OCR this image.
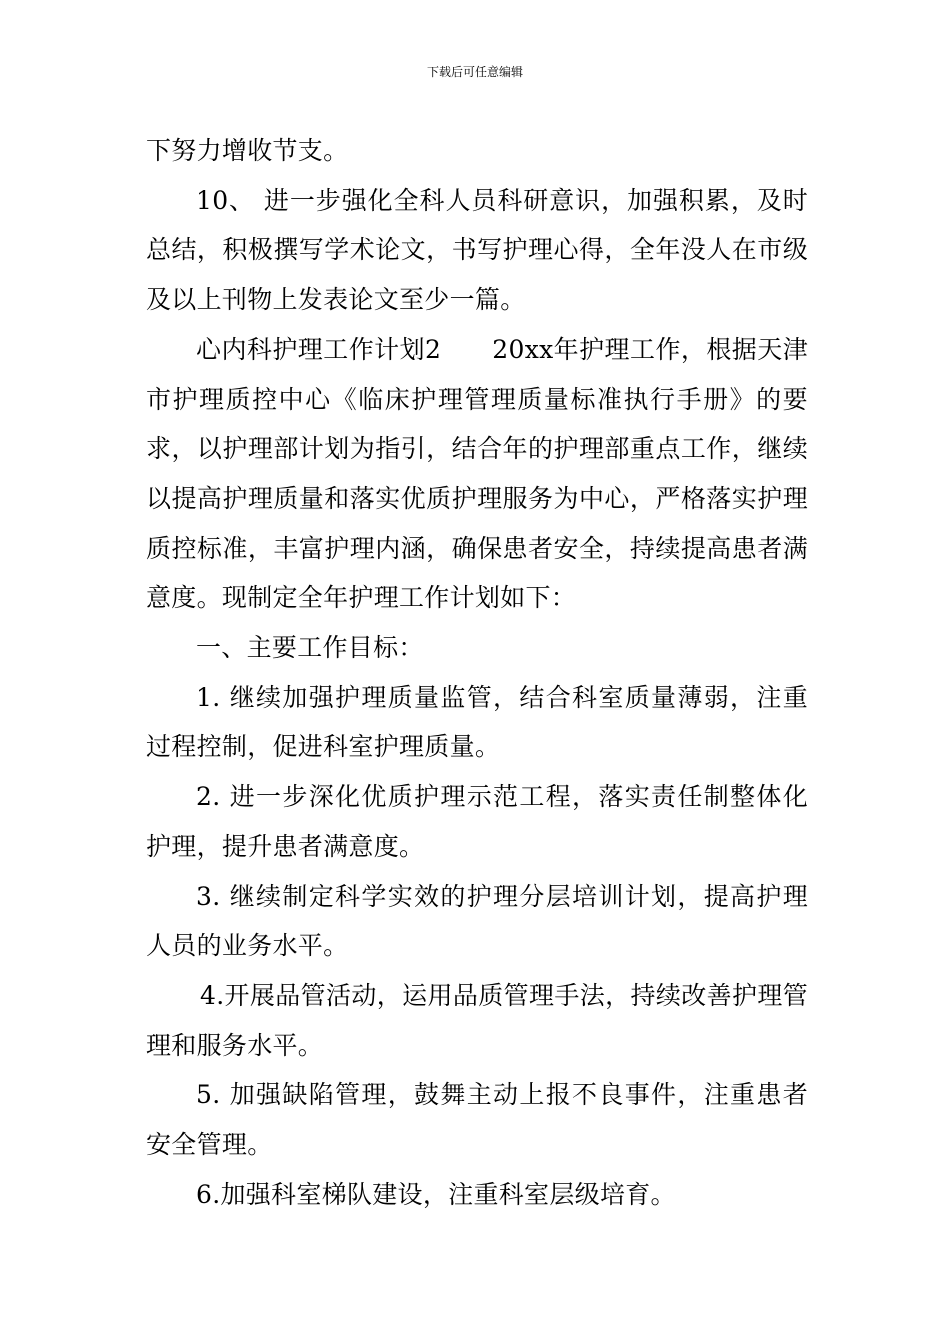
下载后可任意编辑

下努力增收节支。

10、 进一步强化全科人员科研意识，加强积累，及时总结，积极撰写学术论文，书写护理心得，全年没人在市级及以上刊物上发表论文至少一篇。

心内科护理工作计划2　　20xx年护理工作，根据天津市护理质控中心《临床护理管理质量标准执行手册》的要求，以护理部计划为指引，结合年的护理部重点工作，继续以提高护理质量和落实优质护理服务为中心，严格落实护理质控标准，丰富护理内涵，确保患者安全，持续提高患者满意度。现制定全年护理工作计划如下：

一、主要工作目标：

1. 继续加强护理质量监管，结合科室质量薄弱，注重过程控制，促进科室护理质量。

2. 进一步深化优质护理示范工程，落实责任制整体化护理，提升患者满意度。

3. 继续制定科学实效的护理分层培训计划，提高护理人员的业务水平。

4.开展品管活动，运用品质管理手法，持续改善护理管理和服务水平。

5. 加强缺陷管理，鼓舞主动上报不良事件，注重患者安全管理。

6.加强科室梯队建设，注重科室层级培育。
